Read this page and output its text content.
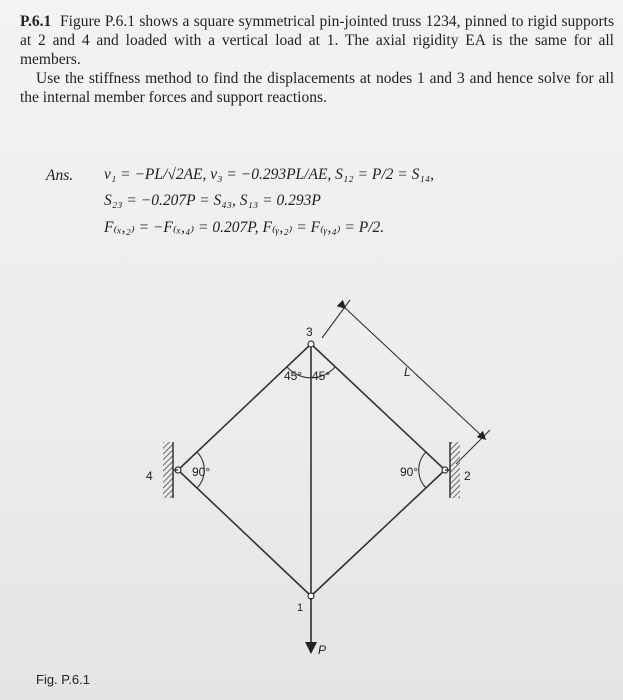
P.6.1 Figure P.6.1 shows a square symmetrical pin-jointed truss 1234, pinned to rigid supports at 2 and 4 and loaded with a vertical load at 1. The axial rigidity EA is the same for all members.

Use the stiffness method to find the displacements at nodes 1 and 3 and hence solve for all the internal member forces and support reactions.

Ans. v₁ = −PL/√2AE, v₃ = −0.293PL/AE, S₁₂ = P/2 = S₁₄,
S₂₃ = −0.207P = S₄₃, S₁₃ = 0.293P
F₍ₓ,₂₎ = −F₍ₓ,₄₎ = 0.207P, F₍ᵧ,₂₎ = F₍ᵧ,₄₎ = P/2.
3
4	2
1
45° 45°
90°	90°
L
P
Fig. P.6.1
